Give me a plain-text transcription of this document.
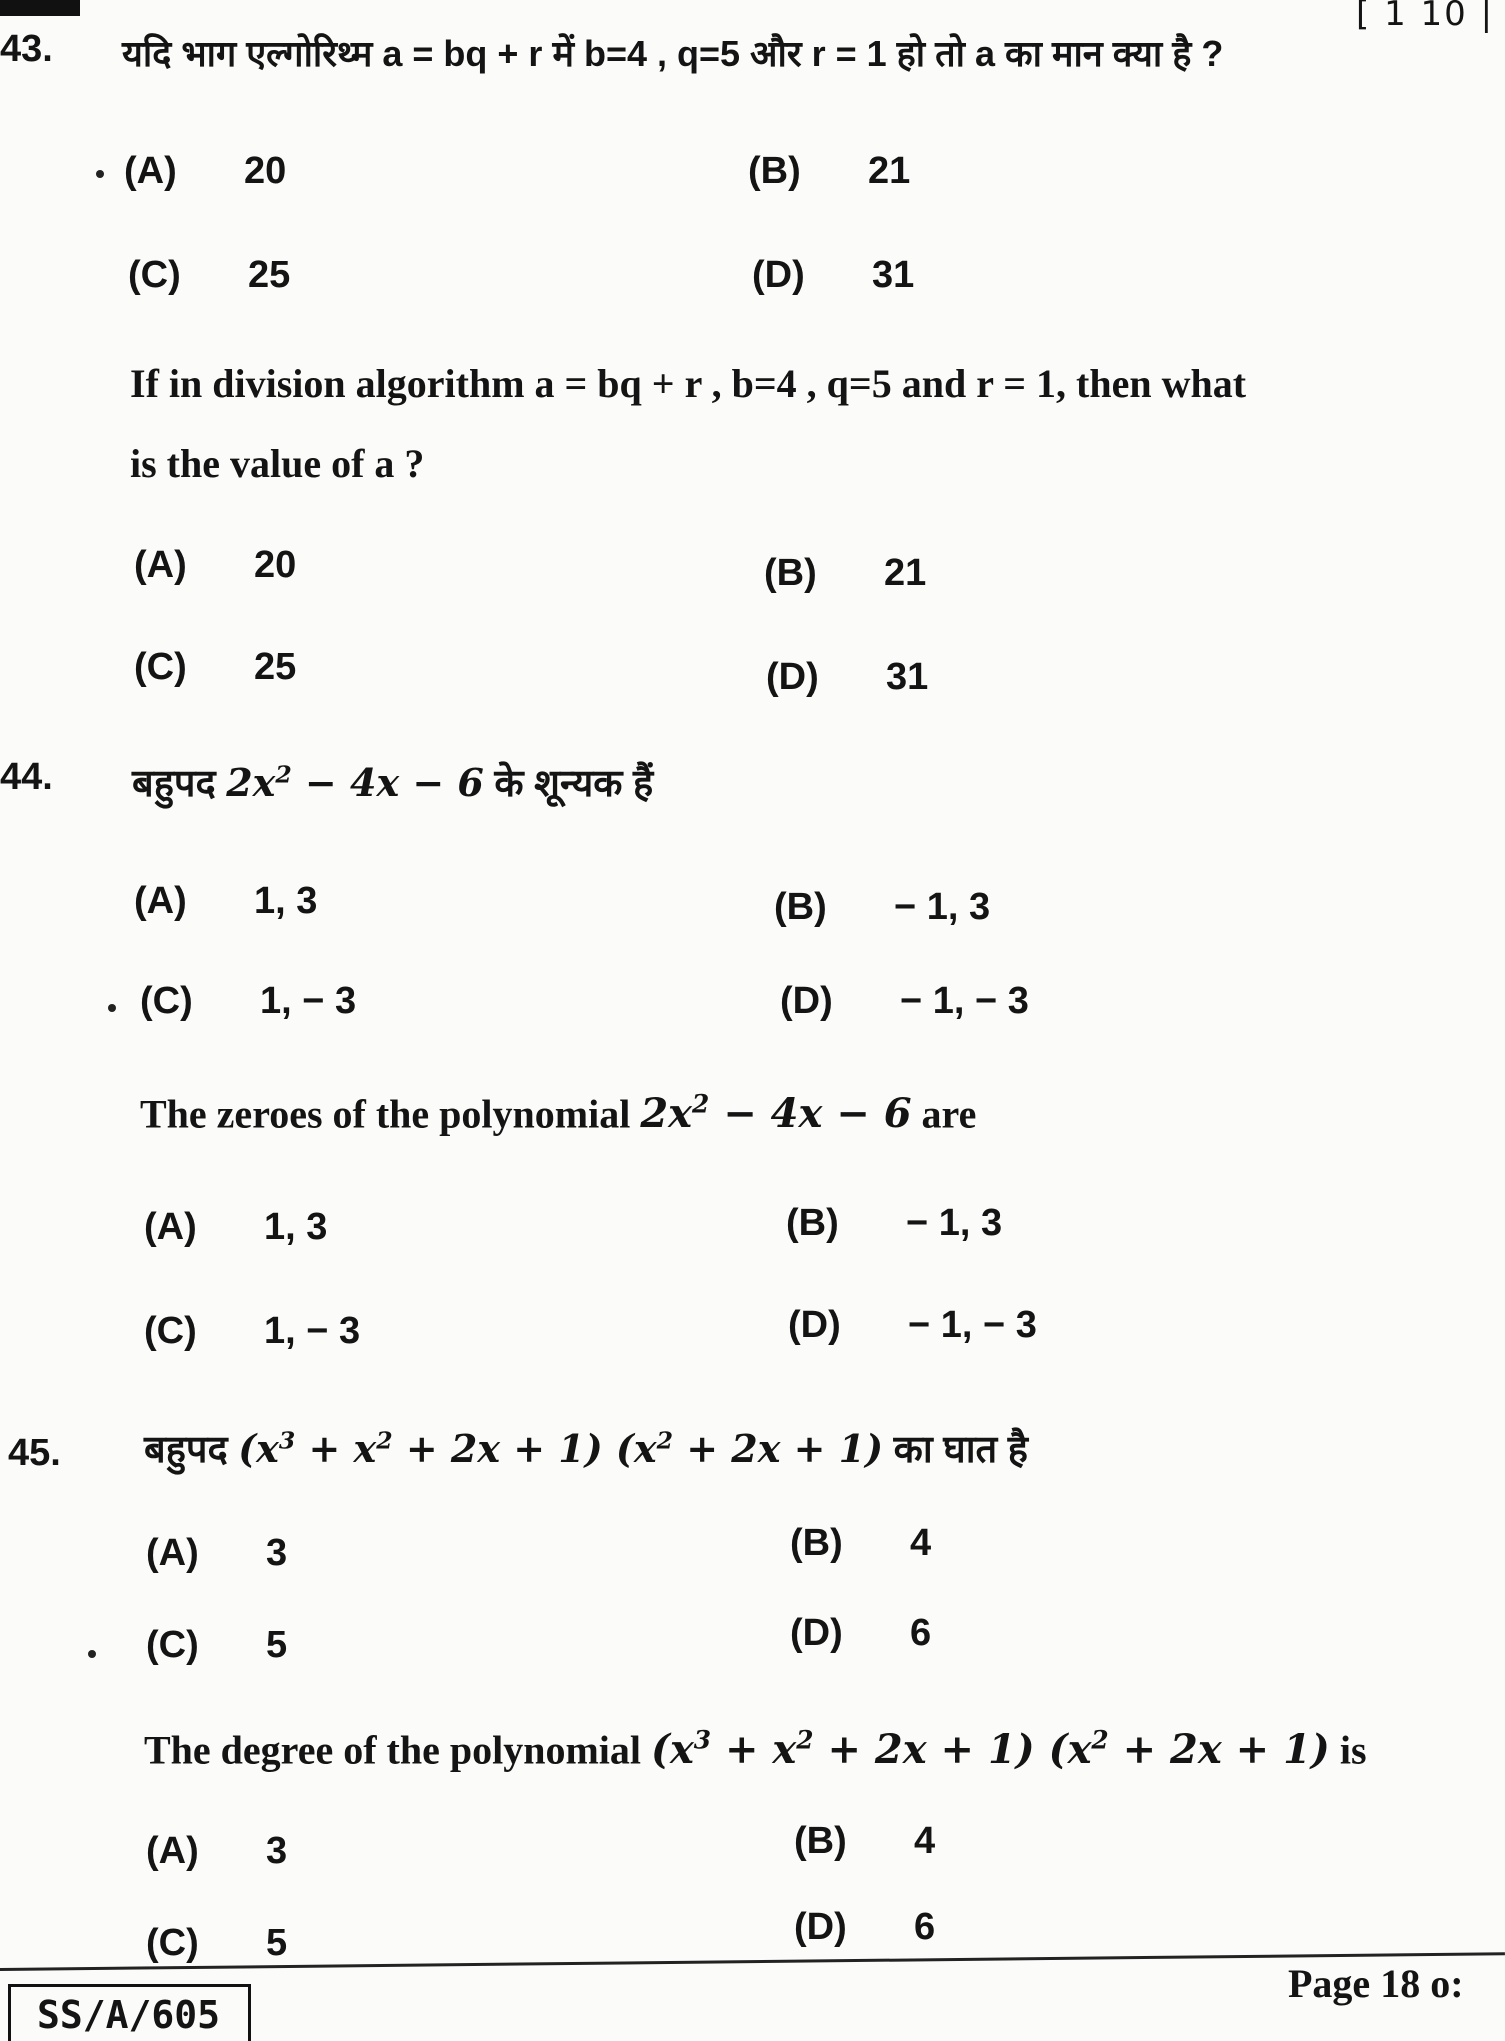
[ 1 10 |
43. यदि भाग एल्गोरिथ्म a = bq + r में b=4 , q=5 और r = 1 हो तो a का मान क्या है ?
(A) 20	(B) 21
(C) 25	(D) 31
If in division algorithm a = bq + r , b=4 , q=5 and r = 1, then what
is the value of a ?
(A) 20	(B) 21
(C) 25	(D) 31
44. बहुपद $2x^2 - 4x - 6$ के शून्यक हैं
(A) 1, 3	(B) − 1, 3
(C) 1, − 3	(D) − 1, − 3
The zeroes of the polynomial $2x^2 - 4x - 6$ are
(A) 1, 3	(B) − 1, 3
(C) 1, − 3	(D) − 1, − 3
45. बहुपद $(x^3 + x^2 + 2x + 1) (x^2 + 2x + 1)$ का घात है
(A) 3	(B) 4
(C) 5	(D) 6
The degree of the polynomial $(x^3 + x^2 + 2x + 1) (x^2 + 2x + 1)$ is
(A) 3	(B) 4
(C) 5	(D) 6
Page 18 o:
SS/A/605
